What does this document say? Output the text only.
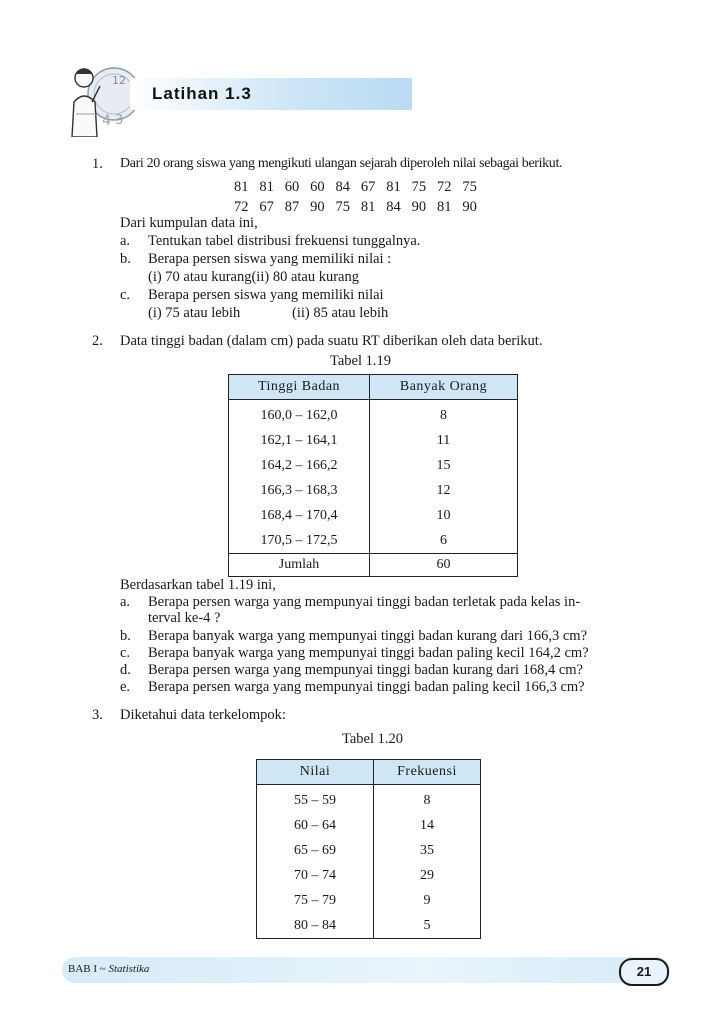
12
4 3
Latihan 1.3
1. Dari 20 orang siswa yang mengikuti ulangan sejarah diperoleh nilai sebagai berikut.
81   81   60   60   84   67   81   75   72   75
72   67   87   90   75   81   84   90   81   90
Dari kumpulan data ini,
a. Tentukan tabel distribusi frekuensi tunggalnya.
b. Berapa persen siswa yang memiliki nilai :
(i) 70 atau kurang(ii) 80 atau kurang
c. Berapa persen siswa yang memiliki nilai
(i) 75 atau lebih	(ii) 85 atau lebih
2. Data tinggi badan (dalam cm) pada suatu RT diberikan oleh data berikut.
Tabel 1.19
Tinggi Badan	Banyak Orang
160,0 – 162,0	8
162,1 – 164,1	11
164,2 – 166,2	15
166,3 – 168,3	12
168,4 – 170,4	10
170,5 – 172,5	6
Jumlah	60
Berdasarkan tabel 1.19 ini,
a. Berapa persen warga yang mempunyai tinggi badan terletak pada kelas in-
terval ke-4 ?
b. Berapa banyak warga yang mempunyai tinggi badan kurang dari 166,3 cm?
c. Berapa banyak warga yang mempunyai tinggi badan paling kecil 164,2 cm?
d. Berapa persen warga yang mempunyai tinggi badan kurang dari 168,4 cm?
e. Berapa persen warga yang mempunyai tinggi badan paling kecil 166,3 cm?
3. Diketahui data terkelompok:
Tabel 1.20
Nilai	Frekuensi
55 – 59	8
60 – 64	14
65 – 69	35
70 – 74	29
75 – 79	9
80 – 84	5
BAB I ~ Statistika	21
